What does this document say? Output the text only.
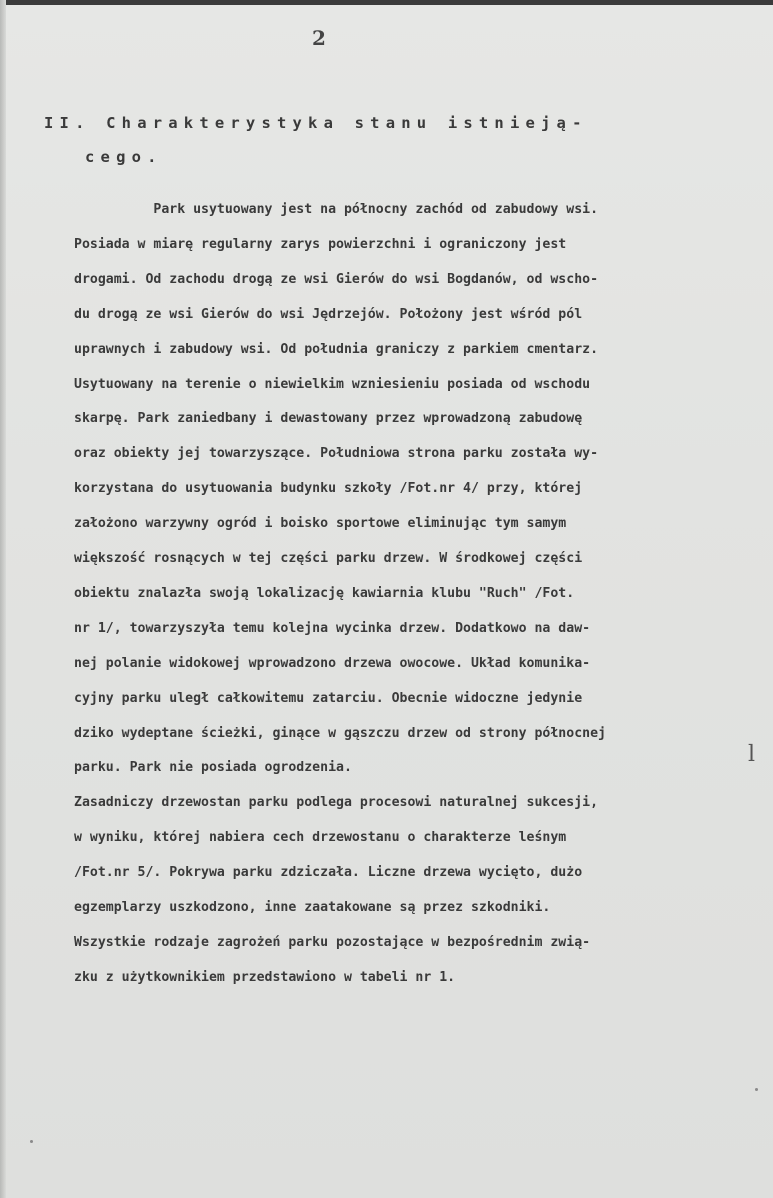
2
II. Charakterystyka stanu istnieją-
cego.
Park usytuowany jest na północny zachód od zabudowy wsi.
Posiada w miarę regularny zarys powierzchni i ograniczony jest
drogami. Od zachodu drogą ze wsi Gierów do wsi Bogdanów, od wscho-
du drogą ze wsi Gierów do wsi Jędrzejów. Położony jest wśród pól
uprawnych i zabudowy wsi. Od południa graniczy z parkiem cmentarz.
Usytuowany na terenie o niewielkim wzniesieniu posiada od wschodu
skarpę. Park zaniedbany i dewastowany przez wprowadzoną zabudowę
oraz obiekty jej towarzyszące. Południowa strona parku została wy-
korzystana do usytuowania budynku szkoły /Fot.nr 4/ przy, której
założono warzywny ogród i boisko sportowe eliminując tym samym
większość rosnących w tej części parku drzew. W środkowej części
obiektu znalazła swoją lokalizację kawiarnia klubu "Ruch" /Fot.
nr 1/, towarzyszyła temu kolejna wycinka drzew. Dodatkowo na daw-
nej polanie widokowej wprowadzono drzewa owocowe. Układ komunika-
cyjny parku uległ całkowitemu zatarciu. Obecnie widoczne jedynie
dziko wydeptane ścieżki, ginące w gąszczu drzew od strony północnej
parku. Park nie posiada ogrodzenia.
Zasadniczy drzewostan parku podlega procesowi naturalnej sukcesji,
w wyniku, której nabiera cech drzewostanu o charakterze leśnym
/Fot.nr 5/. Pokrywa parku zdziczała. Liczne drzewa wycięto, dużo
egzemplarzy uszkodzono, inne zaatakowane są przez szkodniki.
Wszystkie rodzaje zagrożeń parku pozostające w bezpośrednim zwią-
zku z użytkownikiem przedstawiono w tabeli nr 1.
l
